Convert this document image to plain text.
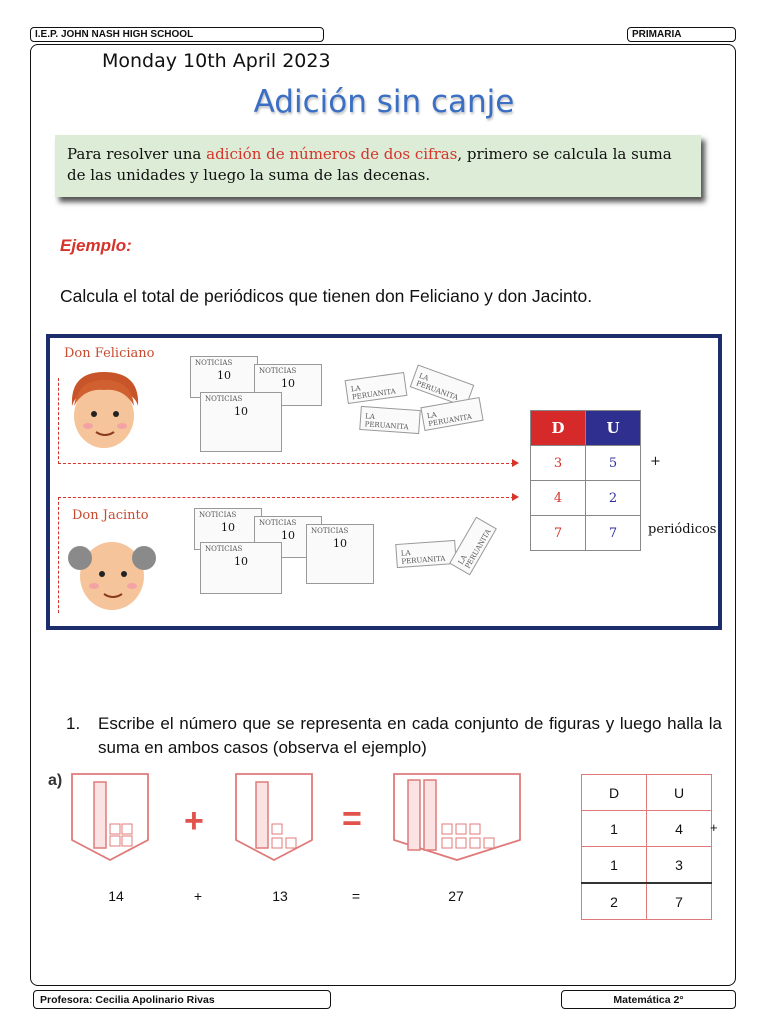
I.E.P. JOHN NASH HIGH SCHOOL	PRIMARIA
Monday 10th April 2023
Adición sin canje
Para resolver una adición de números de dos cifras, primero se calcula la suma de las unidades y luego la suma de las decenas.
Ejemplo:
Calcula el total de periódicos que tienen don Feliciano y don Jacinto.
Don Feliciano
Don Jacinto
NOTICIAS
10	NOTICIAS
10
NOTICIAS
10
LA PERUANITA
LA PERUANITA
LA PERUANITA
LA PERUANITA
NOTICIAS
10	NOTICIAS
10	NOTICIAS
10
NOTICIAS
10
LA PERUANITA	LA PERUANITA
D	U
3	5
4	2
7	7
+
periódicos
1. Escribe el número que se representa en cada conjunto de figuras y luego halla la suma en ambos casos (observa el ejemplo)
a)
+	=
14	+	13	=	27
D	U
1	4
1	3
2	7
+
Profesora: Cecilia Apolinario Rivas	Matemática 2°
